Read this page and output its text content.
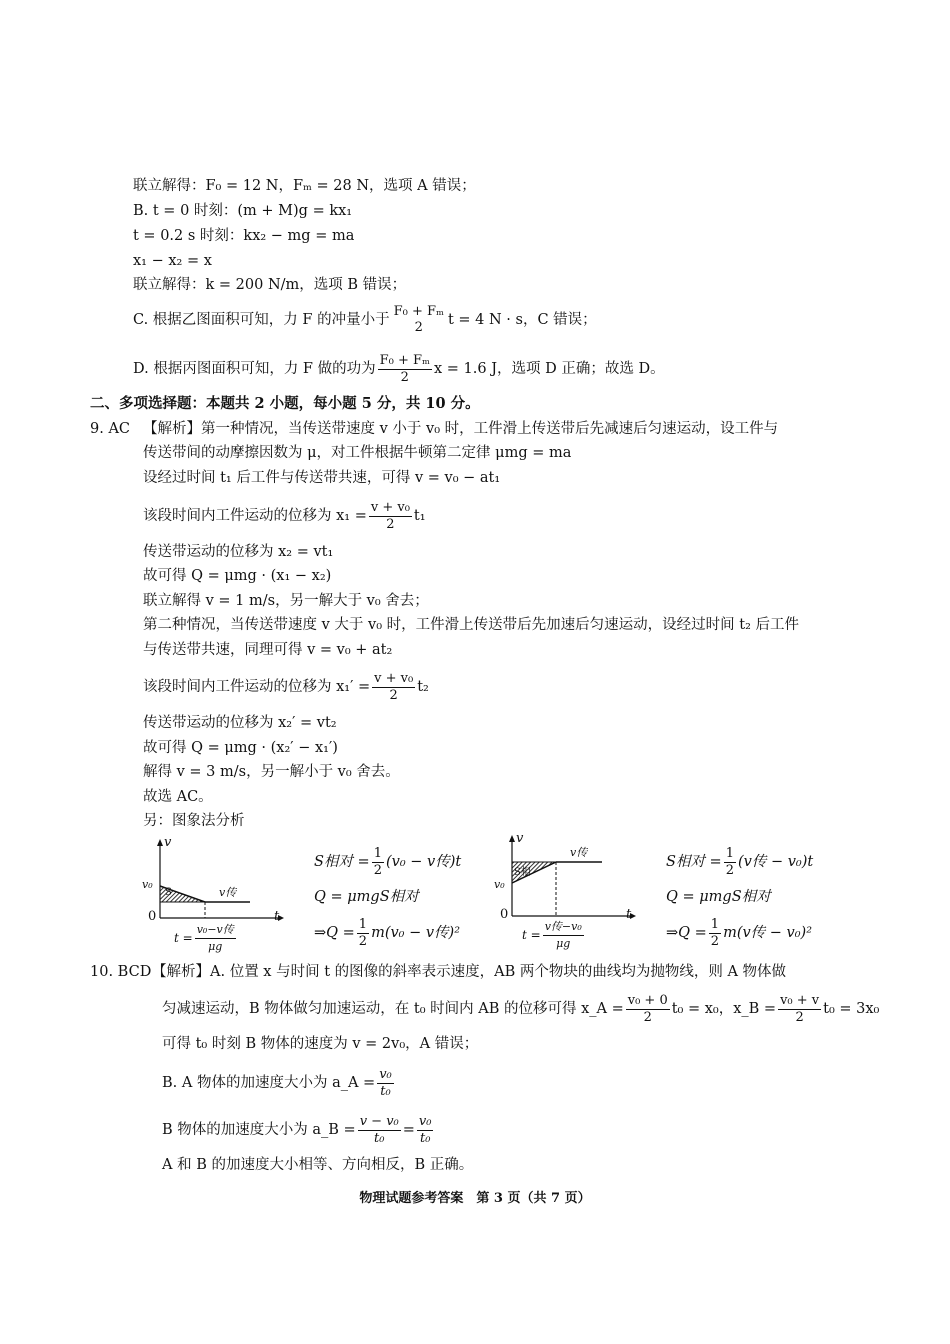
联立解得：F₀ = 12 N，Fₘ = 28 N，选项 A 错误；
B. t = 0 时刻：(m + M)g = kx₁
t = 0.2 s 时刻：kx₂ − mg = ma
x₁ − x₂ = x
联立解得：k = 200 N/m，选项 B 错误；
C. 根据乙图面积可知，力 F 的冲量小于
F₀ + Fₘ
2	t = 4 N · s，C 错误；
D. 根据丙图面积可知，力 F 做的功为 $\frac{\text{F₀ + Fₘ}}{2}$ x = 1.6 J，选项 D 正确；故选 D。
二、多项选择题：本题共 2 小题，每小题 5 分，共 10 分。
9. AC 【解析】第一种情况，当传送带速度 v 小于 v₀ 时，工件滑上传送带后先减速后匀速运动，设工件与
传送带间的动摩擦因数为 μ，对工件根据牛顿第二定律 μmg = ma
设经过时间 t₁ 后工件与传送带共速，可得 v = v₀ − at₁
该段时间内工件运动的位移为 $x_1 = \frac{\text{v + v₀}}{2} t_1$
传送带运动的位移为 x₂ = vt₁
故可得 Q = μmg · (x₁ − x₂)
联立解得 v = 1 m/s，另一解大于 v₀ 舍去；
第二种情况，当传送带速度 v 大于 v₀ 时，工件滑上传送带后先加速后匀速运动，设经过时间 t₂ 后工件
与传送带共速，同理可得 v = v₀ + at₂
该段时间内工件运动的位移为 $x_1' = \frac{\text{v + v₀}}{2} t_2$
传送带运动的位移为 x₂′ = vt₂
故可得 Q = μmg · (x₂′ − x₁′)
解得 v = 3 m/s，另一解小于 v₀ 舍去。
故选 AC。
另：图象法分析
v
t
0
v₀
v传
S
$t = \frac{\text{v₀−v传}}{\mu g}$
S相对 = $\frac{1}{2} (v_0 - v$传)t
Q = μmgS相对
⇒Q = $\frac{1}{2} m(v_0 - v$传)²
v
t
0
v₀
v传
S相
$t = \frac{\text{v传−v₀}}{\mu g}$
S相对 = $\frac{1}{2} (v$传 − v₀)t
Q = μmgS相对
⇒Q = $\frac{1}{2} m(v$传 − v₀)²
10. BCD 【解析】A. 位置 x 与时间 t 的图像的斜率表示速度，AB 两个物块的曲线均为抛物线，则 A 物体做
匀减速运动，B 物体做匀加速运动，在 t₀ 时间内 AB 的位移可得 x_A = $\frac{\text{v₀ + 0}}{2} t_0 = x_0$，x_B = $\frac{\text{v₀ + v}}{2} t_0 = 3x_0$
可得 t₀ 时刻 B 物体的速度为 v = 2v₀，A 错误；
B. A 物体的加速度大小为 a_A = $\frac{\text{v₀}}{\text{t₀}}$
B 物体的加速度大小为 a_B = $\frac{\text{v − v₀}}{\text{t₀}} = \frac{\text{v₀}}{\text{t₀}}$
A 和 B 的加速度大小相等、方向相反，B 正确。
物理试题参考答案　第 3 页（共 7 页）
